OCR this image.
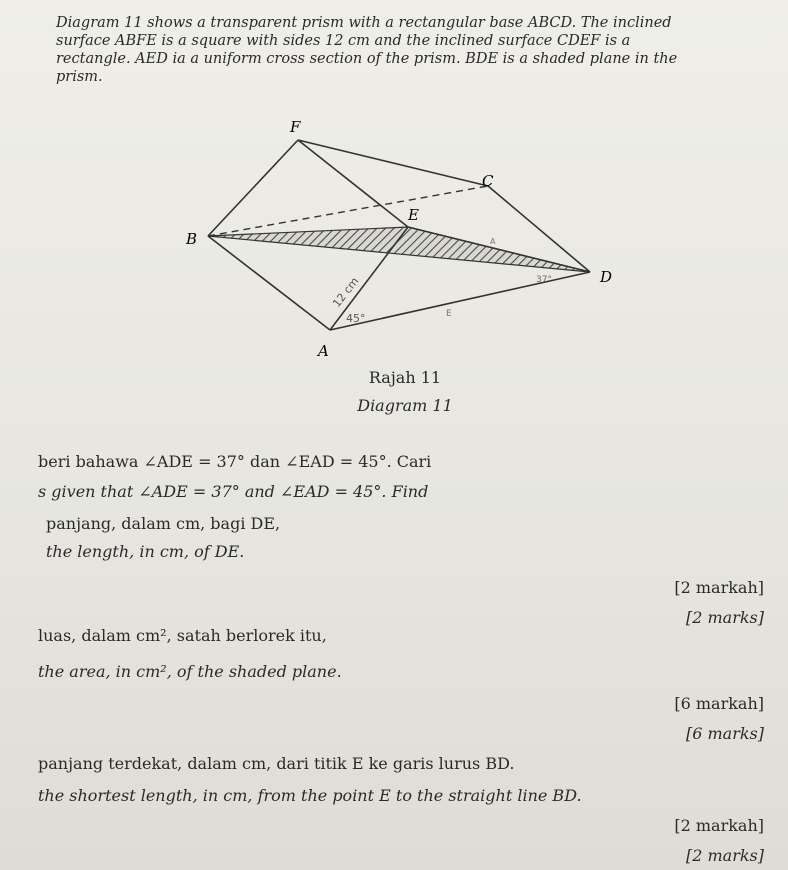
Diagram 11 shows a transparent prism with a rectangular base ABCD. The inclined

surface ABFE is a square with sides 12 cm and the inclined surface CDEF is a

rectangle. AED ia a uniform cross section of the prism. BDE is a shaded plane in the

prism.

F
C
E
B
D
A
12 cm
45°
37°
E
A
Rajah 11
Diagram 11
beri bahawa ∠ADE = 37° dan ∠EAD = 45°. Cari
s given that ∠ADE = 37° and ∠EAD = 45°. Find
panjang, dalam cm, bagi DE,
the length, in cm, of DE.
[2 markah]
[2 marks]
luas, dalam cm², satah berlorek itu,
the area, in cm², of the shaded plane.
[6 markah]
[6 marks]
panjang terdekat, dalam cm, dari titik E ke garis lurus BD.
the shortest length, in cm, from the point E to the straight line BD.
[2 markah]
[2 marks]
